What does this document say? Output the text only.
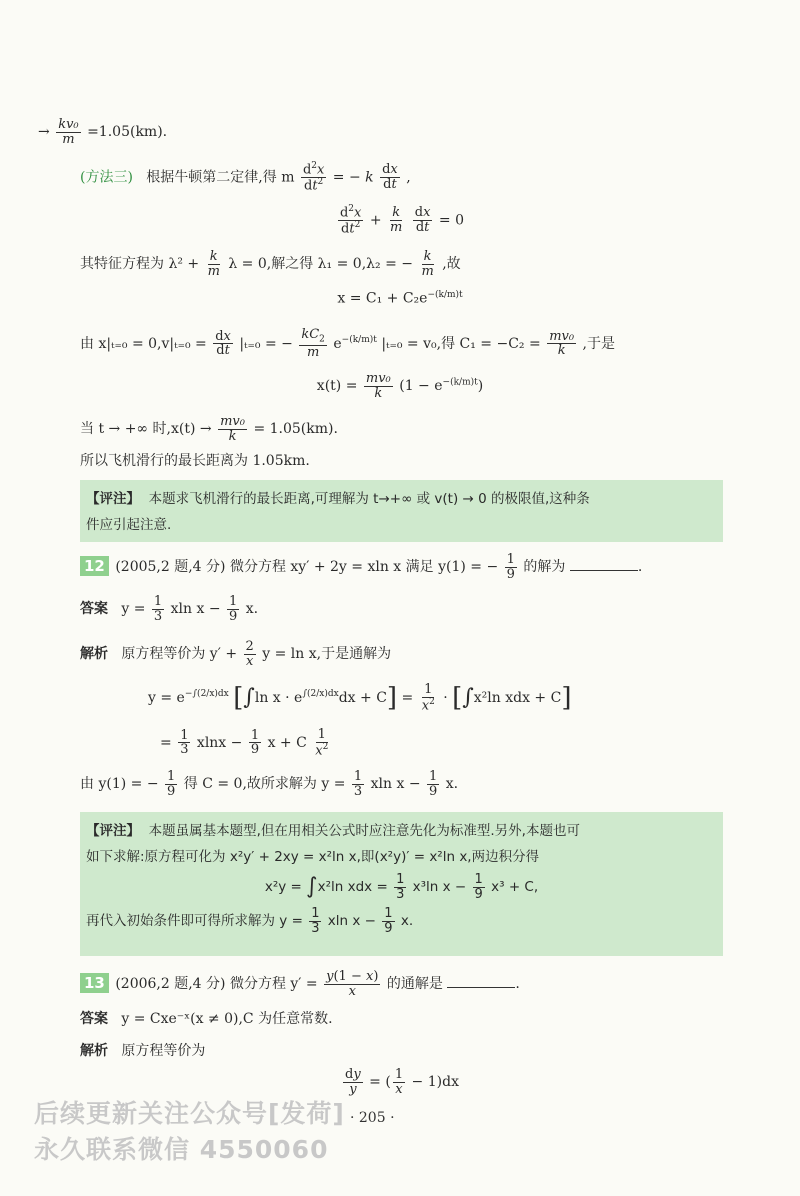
→ $\frac{\text{kv₀}}{m} =1.05(km)$.
(方法三) 根据牛顿第二定律,得 m $\frac{d^2x}{dt^2}$ = − k $\frac{dx}{dt}$ ,
$\frac{d^2x}{dt^2} + \frac{k}{m}$
$\frac{dx}{dt} = 0$
其特征方程为 $\lambda^2 + \frac{k}{m}$ λ = 0,解之得 λ₁ = 0,λ₂ = − $\frac{k}{m}$ ,故
$x = C_1 + C_2e^{-(k/m)t}$
由 $x|_{t=0} = 0,v|_{t=0} = \frac{dx}{dt} |_{t=0}$ = − $\frac{kC_2}{m} e^{-(k/m)t}$ |ₜ₌₀ = v₀,得 $C_1 = -C_2 = \frac{\text{mv₀}}{k}$ ,于是
$x(t) = \frac{\text{mv₀}}{k} (1 - e^{-(k/m)t})$
当 t → +∞ 时$,x(t) \to \frac{\text{mv₀}}{k} = 1.05(km)$.
所以飞机滑行的最长距离为 1.05km.
【评注】 本题求飞机滑行的最长距离,可理解为 t→+∞ 或 v(t) → 0 的极限值,这种条
件应引起注意.
12 (2005,2 题,4 分) 微分方程 xy′ + 2y = xln x 满足 y(1) = − $\frac{1}{9}$ 的解为	.
答案 $y = \frac{1}{3}$ xln $x - \frac{1}{9} x$.
解析 原方程等价为 $y' + \frac{2}{x}$ y = ln x,于是通解为
$y = e^{-\int(2/x)dx}$ [∫ln $x \cdot e^{\int(2/x)dx}dx + C] = \frac{1}{x^2} \cdot [\int x^2\ln$ xdx + C]
= $\frac{1}{3}$ $xlnx - \frac{1}{9}$ x + C $\frac{1}{x^2}$
由 y(1) = − $\frac{1}{9}$ 得 C = 0,故所求解为 $y = \frac{1}{3}$ xln $x - \frac{1}{9} x$.
【评注】 本题虽属基本题型,但在用相关公式时应注意先化为标准型.另外,本题也可
如下求解:原方程可化为 x²y′ + 2xy = x²ln x,即(x²y)′ = x²ln x,两边积分得
x²y = ∫x²ln xdx = $\frac{1}{3} x^3\ln$ $x - \frac{1}{9} x^3 + C$,
再代入初始条件即可得所求解为 $y = \frac{1}{3}$ xln $x - \frac{1}{9} x$.
13 (2006,2 题,4 分) 微分方程 $y' = \frac{y(1 - x)}{x}$ 的通解是	.
答案 y = Cxe⁻ˣ(x ≠ 0),C 为任意常数.
解析 原方程等价为
$\frac{dy}{y}$ = ( $\frac{1}{x} - 1)dx$
· 205 ·
后续更新关注公众号[发荷]
永久联系微信 4550060
